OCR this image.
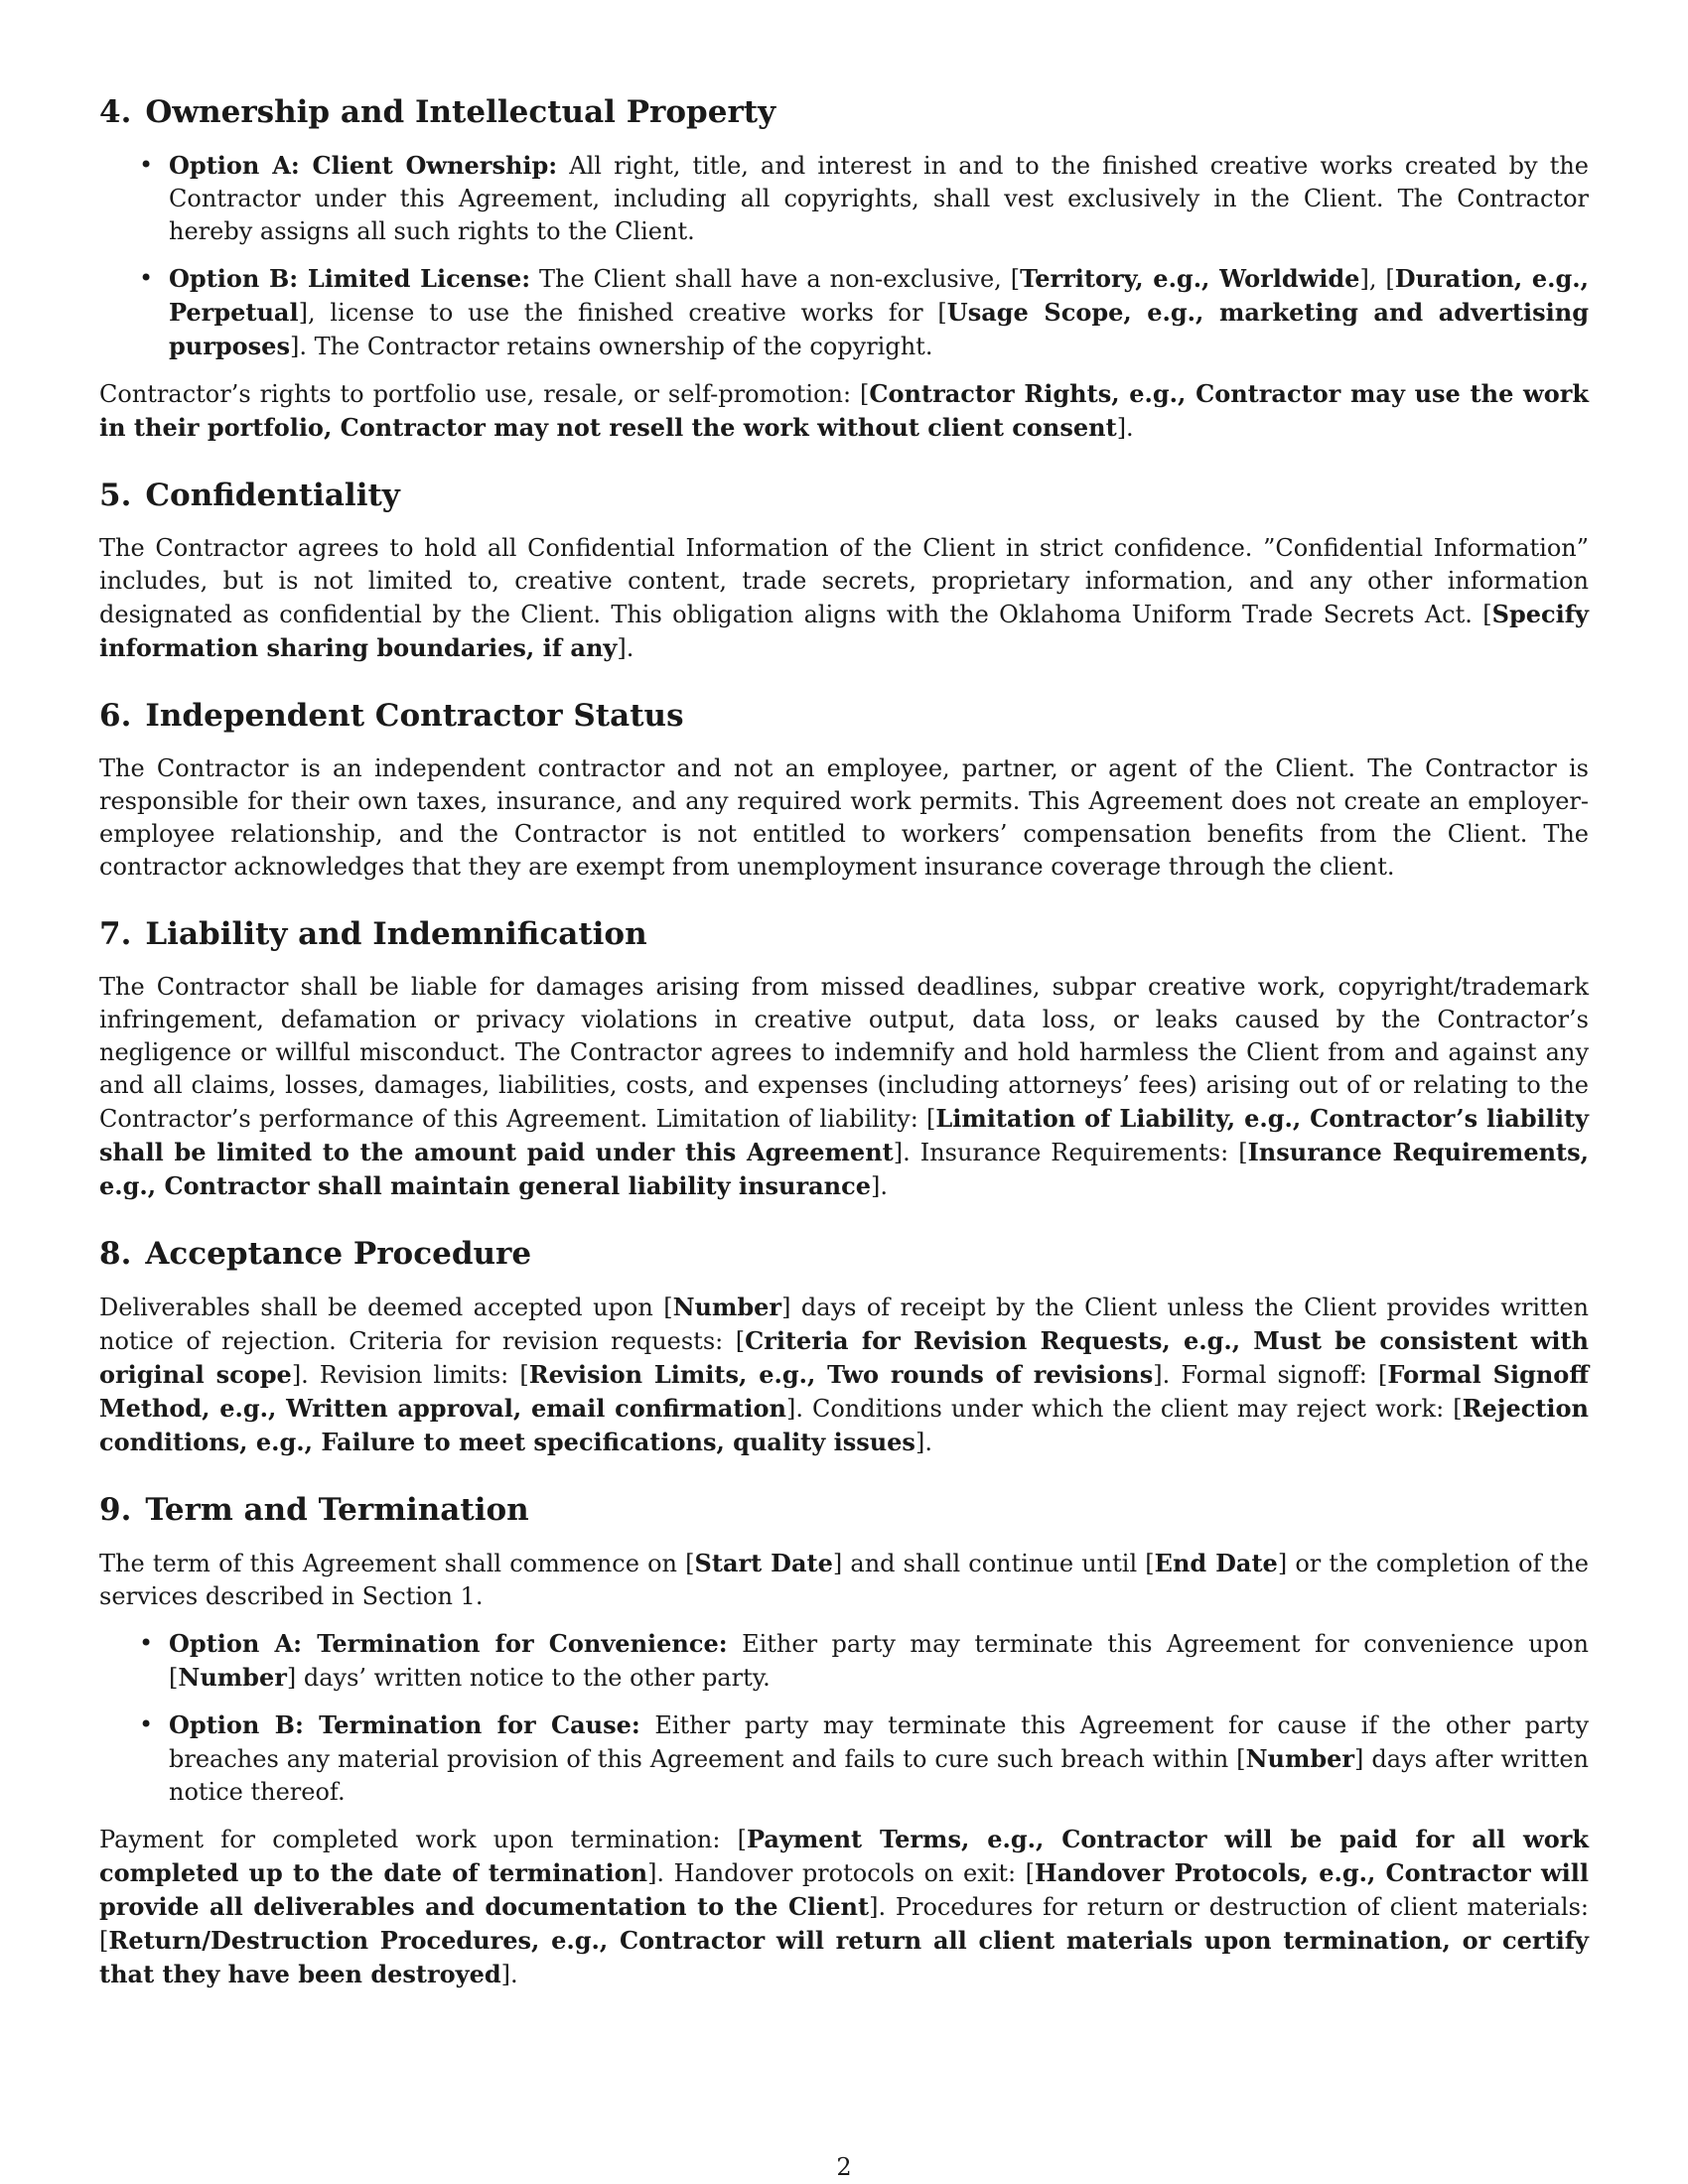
4. Ownership and Intellectual Property
• Option A: Client Ownership: All right, title, and interest in and to the finished creative works created by the Contractor under this Agreement, including all copyrights, shall vest exclusively in the Client. The Contractor hereby assigns all such rights to the Client.
• Option B: Limited License: The Client shall have a non-exclusive, [Territory, e.g., Worldwide], [Duration, e.g., Perpetual], license to use the finished creative works for [Usage Scope, e.g., marketing and advertising purposes]. The Contractor retains ownership of the copyright.

Contractor’s rights to portfolio use, resale, or self-promotion: [Contractor Rights, e.g., Contractor may use the work in their portfolio, Contractor may not resell the work without client consent].

5. Confidentiality

The Contractor agrees to hold all Confidential Information of the Client in strict confidence. ”Confidential Information” includes, but is not limited to, creative content, trade secrets, proprietary information, and any other information designated as confidential by the Client. This obligation aligns with the Oklahoma Uniform Trade Secrets Act. [Specify information sharing boundaries, if any].

6. Independent Contractor Status

The Contractor is an independent contractor and not an employee, partner, or agent of the Client. The Contractor is responsible for their own taxes, insurance, and any required work permits. This Agreement does not create an employer-employee relationship, and the Contractor is not entitled to workers’ compensation benefits from the Client. The contractor acknowledges that they are exempt from unemployment insurance coverage through the client.

7. Liability and Indemnification

The Contractor shall be liable for damages arising from missed deadlines, subpar creative work, copyright/trademark infringement, defamation or privacy violations in creative output, data loss, or leaks caused by the Contractor’s negligence or willful misconduct. The Contractor agrees to indemnify and hold harmless the Client from and against any and all claims, losses, damages, liabilities, costs, and expenses (including attorneys’ fees) arising out of or relating to the Contractor’s performance of this Agreement. Limitation of liability: [Limitation of Liability, e.g., Contractor’s liability shall be limited to the amount paid under this Agreement]. Insurance Requirements: [Insurance Requirements, e.g., Contractor shall maintain general liability insurance].

8. Acceptance Procedure

Deliverables shall be deemed accepted upon [Number] days of receipt by the Client unless the Client provides written notice of rejection. Criteria for revision requests: [Criteria for Revision Requests, e.g., Must be consistent with original scope]. Revision limits: [Revision Limits, e.g., Two rounds of revisions]. Formal signoff: [Formal Signoff Method, e.g., Written approval, email confirmation]. Conditions under which the client may reject work: [Rejection conditions, e.g., Failure to meet specifications, quality issues].

9. Term and Termination

The term of this Agreement shall commence on [Start Date] and shall continue until [End Date] or the completion of the services described in Section 1.

• Option A: Termination for Convenience: Either party may terminate this Agreement for convenience upon [Number] days’ written notice to the other party.
• Option B: Termination for Cause: Either party may terminate this Agreement for cause if the other party breaches any material provision of this Agreement and fails to cure such breach within [Number] days after written notice thereof.

Payment for completed work upon termination: [Payment Terms, e.g., Contractor will be paid for all work completed up to the date of termination]. Handover protocols on exit: [Handover Protocols, e.g., Contractor will provide all deliverables and documentation to the Client]. Procedures for return or destruction of client materials: [Return/Destruction Procedures, e.g., Contractor will return all client materials upon termination, or certify that they have been destroyed].

2
